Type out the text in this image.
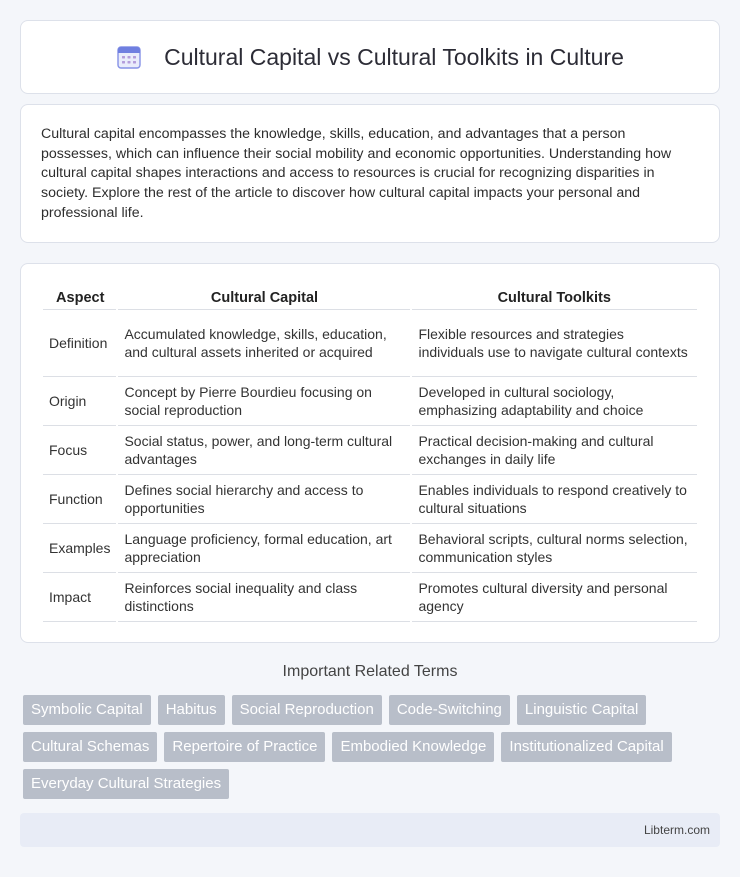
Cultural Capital vs Cultural Toolkits in Culture

Cultural capital encompasses the knowledge, skills, education, and advantages that a person possesses, which can influence their social mobility and economic opportunities. Understanding how cultural capital shapes interactions and access to resources is crucial for recognizing disparities in society. Explore the rest of the article to discover how cultural capital impacts your personal and professional life.

Aspect	Cultural Capital	Cultural Toolkits
Definition	Accumulated knowledge, skills, education, and cultural assets inherited or acquired	Flexible resources and strategies individuals use to navigate cultural contexts
Origin	Concept by Pierre Bourdieu focusing on social reproduction	Developed in cultural sociology, emphasizing adaptability and choice
Focus	Social status, power, and long-term cultural advantages	Practical decision-making and cultural exchanges in daily life
Function	Defines social hierarchy and access to opportunities	Enables individuals to respond creatively to cultural situations
Examples	Language proficiency, formal education, art appreciation	Behavioral scripts, cultural norms selection, communication styles
Impact	Reinforces social inequality and class distinctions	Promotes cultural diversity and personal agency
Important Related Terms
Symbolic Capital	Habitus	Social Reproduction	Code-Switching	Linguistic Capital
Cultural Schemas	Repertoire of Practice	Embodied Knowledge	Institutionalized Capital
Everyday Cultural Strategies
Libterm.com
